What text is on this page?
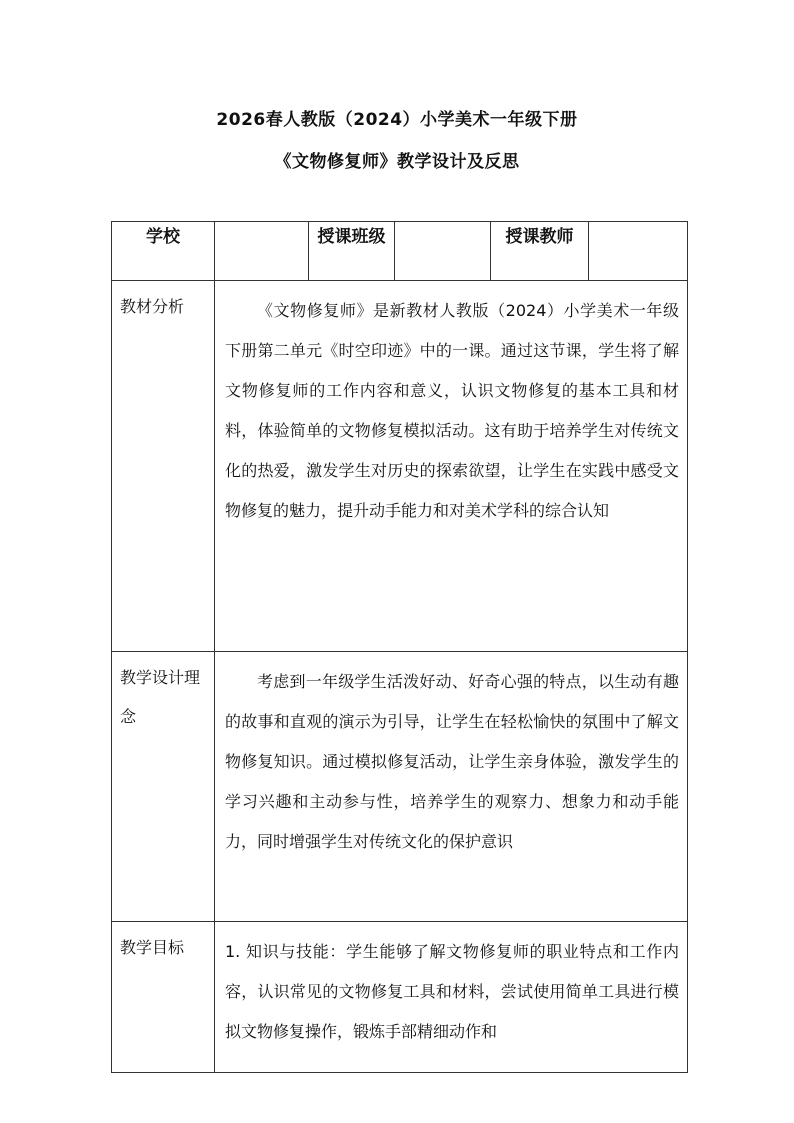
2026春人教版（2024）小学美术一年级下册
《文物修复师》教学设计及反思
学校		授课班级		授课教师	
教材分析	《文物修复师》是新教材人教版（2024）小学美术一年级下册第二单元《时空印迹》中的一课。通过这节课，学生将了解文物修复师的工作内容和意义，认识文物修复的基本工具和材料，体验简单的文物修复模拟活动。这有助于培养学生对传统文化的热爱，激发学生对历史的探索欲望，让学生在实践中感受文物修复的魅力，提升动手能力和对美术学科的综合认知				

教学设计理念	考虑到一年级学生活泼好动、好奇心强的特点，以生动有趣的故事和直观的演示为引导，让学生在轻松愉快的氛围中了解文物修复知识。通过模拟修复活动，让学生亲身体验，激发学生的学习兴趣和主动参与性，培养学生的观察力、想象力和动手能力，同时增强学生对传统文化的保护意识				

教学目标	1. 知识与技能：学生能够了解文物修复师的职业特点和工作内容，认识常见的文物修复工具和材料，尝试使用简单工具进行模拟文物修复操作，锻炼手部精细动作和				
